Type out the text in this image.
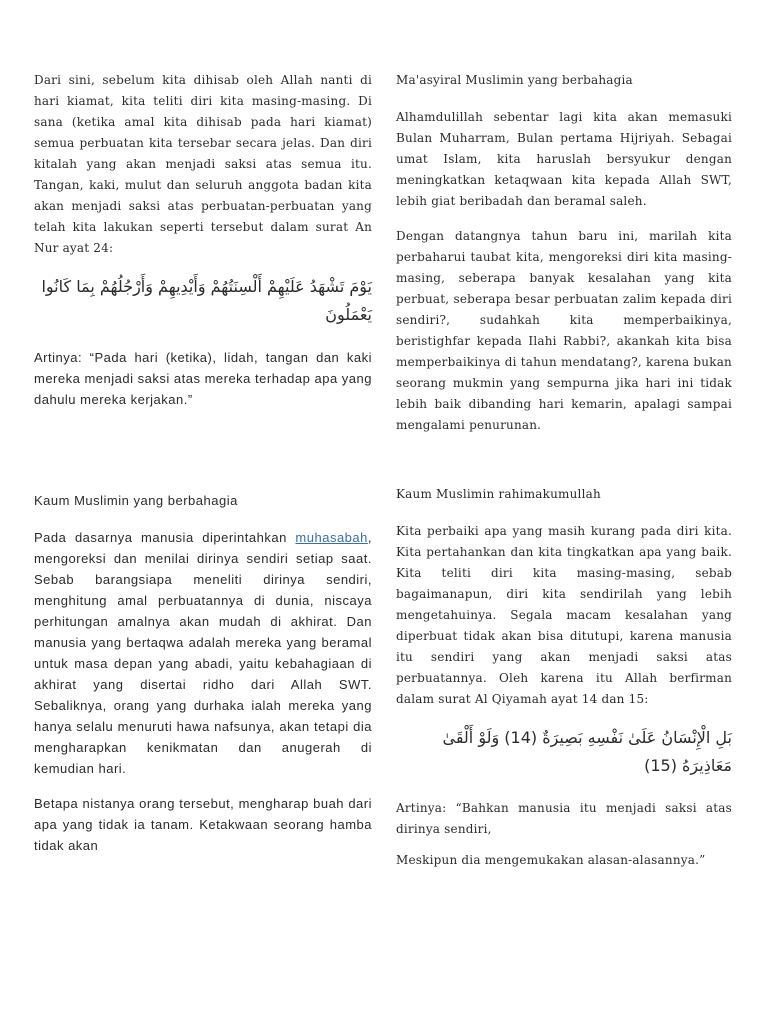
Dari sini, sebelum kita dihisab oleh Allah nanti di hari kiamat, kita teliti diri kita masing-masing. Di sana (ketika amal kita dihisab pada hari kiamat) semua perbuatan kita tersebar secara jelas. Dan diri kitalah yang akan menjadi saksi atas semua itu. Tangan, kaki, mulut dan seluruh anggota badan kita akan menjadi saksi atas perbuatan-perbuatan yang telah kita lakukan seperti tersebut dalam surat An Nur ayat 24:

يَوْمَ تَشْهَدُ عَلَيْهِمْ أَلْسِنَتُهُمْ وَأَيْدِيهِمْ وَأَرْجُلُهُمْ بِمَا كَانُوا يَعْمَلُونَ

Artinya: “Pada hari (ketika), lidah, tangan dan kaki mereka menjadi saksi atas mereka terhadap apa yang dahulu mereka kerjakan.”

Ma'asyiral Muslimin yang berbahagia

Alhamdulillah sebentar lagi kita akan memasuki Bulan Muharram, Bulan pertama Hijriyah. Sebagai umat Islam, kita haruslah bersyukur dengan meningkatkan ketaqwaan kita kepada Allah SWT, lebih giat beribadah dan beramal saleh.

Dengan datangnya tahun baru ini, marilah kita perbaharui taubat kita, mengoreksi diri kita masing-masing, seberapa banyak kesalahan yang kita perbuat, seberapa besar perbuatan zalim kepada diri sendiri?, sudahkah kita memperbaikinya, beristighfar kepada Ilahi Rabbi?, akankah kita bisa memperbaikinya di tahun mendatang?, karena bukan seorang mukmin yang sempurna jika hari ini tidak lebih baik dibanding hari kemarin, apalagi sampai mengalami penurunan.

Kaum Muslimin yang berbahagia

Pada dasarnya manusia diperintahkan muhasabah, mengoreksi dan menilai dirinya sendiri setiap saat. Sebab barangsiapa meneliti dirinya sendiri, menghitung amal perbuatannya di dunia, niscaya perhitungan amalnya akan mudah di akhirat. Dan manusia yang bertaqwa adalah mereka yang beramal untuk masa depan yang abadi, yaitu kebahagiaan di akhirat yang disertai ridho dari Allah SWT. Sebaliknya, orang yang durhaka ialah mereka yang hanya selalu menuruti hawa nafsunya, akan tetapi dia mengharapkan kenikmatan dan anugerah di kemudian hari.

Betapa nistanya orang tersebut, mengharap buah dari apa yang tidak ia tanam. Ketakwaan seorang hamba tidak akan

Kaum Muslimin rahimakumullah

Kita perbaiki apa yang masih kurang pada diri kita. Kita pertahankan dan kita tingkatkan apa yang baik. Kita teliti diri kita masing-masing, sebab bagaimanapun, diri kita sendirilah yang lebih mengetahuinya. Segala macam kesalahan yang diperbuat tidak akan bisa ditutupi, karena manusia itu sendiri yang akan menjadi saksi atas perbuatannya. Oleh karena itu Allah berfirman dalam surat Al Qiyamah ayat 14 dan 15:

بَلِ الْإِنْسَانُ عَلَىٰ نَفْسِهِ بَصِيرَةٌ (14) وَلَوْ أَلْقَىٰ مَعَاذِيرَهُ (15)

Artinya: “Bahkan manusia itu menjadi saksi atas dirinya sendiri,

Meskipun dia mengemukakan alasan-alasannya.”
